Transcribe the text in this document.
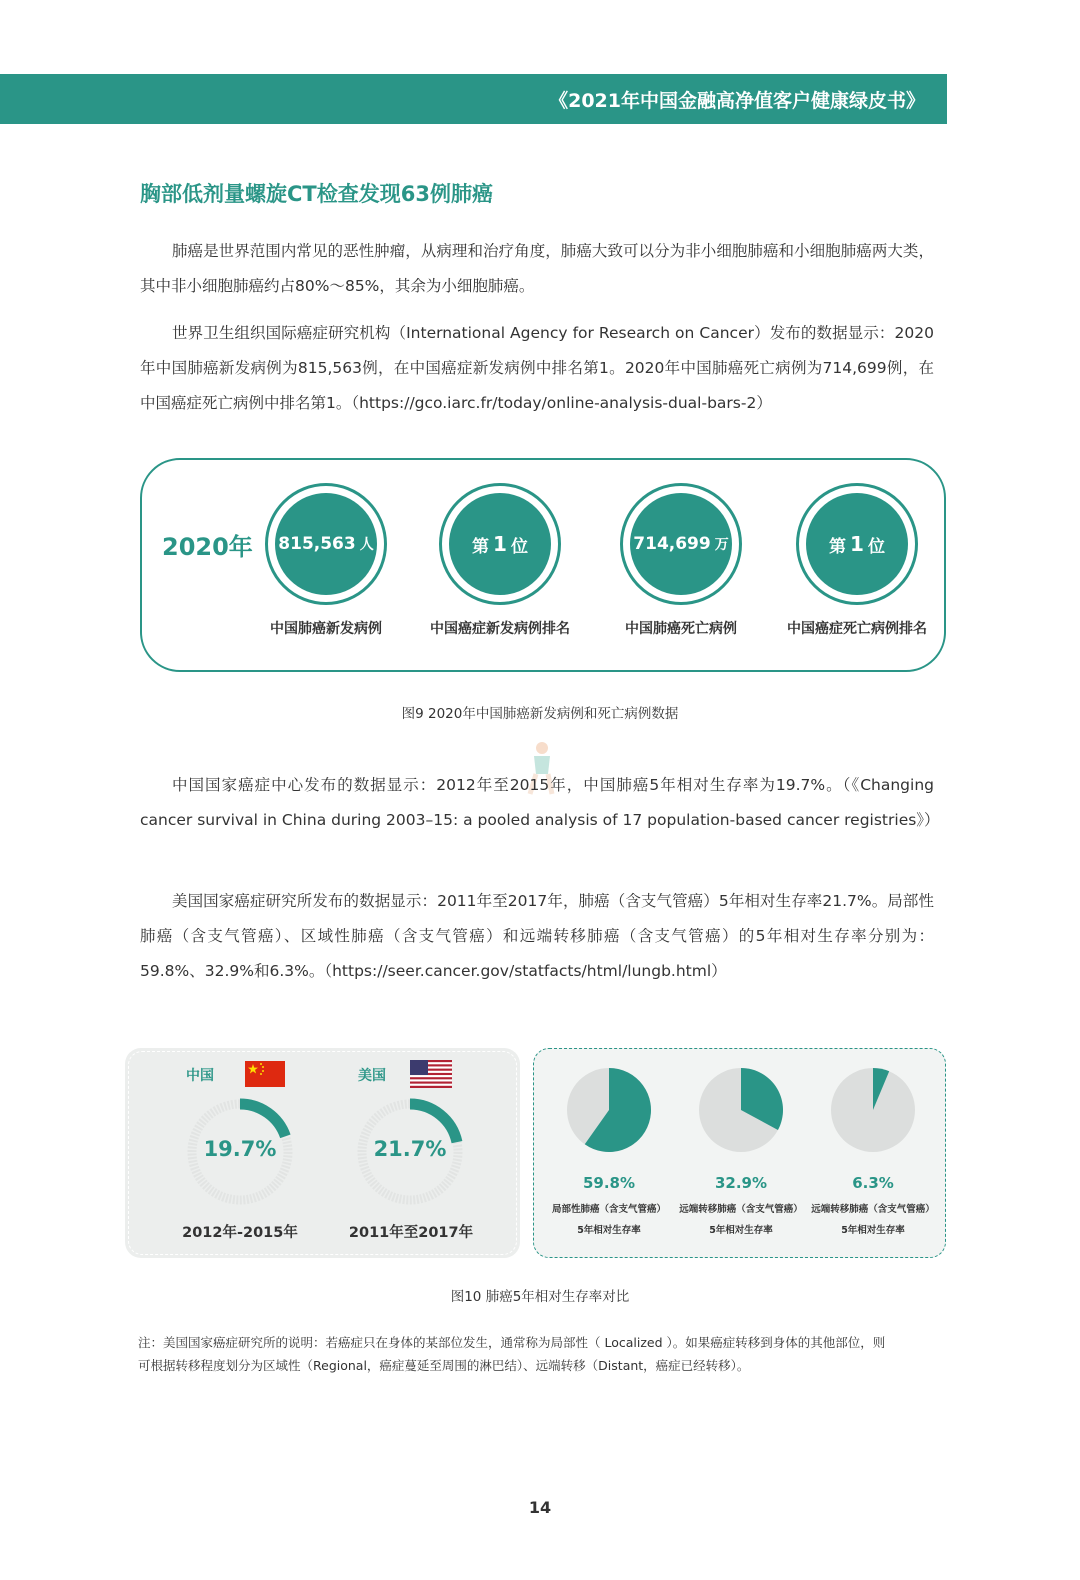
《2021年中国金融高净值客户健康绿皮书》
胸部低剂量螺旋CT检查发现63例肺癌

肺癌是世界范围内常见的恶性肿瘤，从病理和治疗角度，肺癌大致可以分为非小细胞肺癌和小细胞肺癌两大类，其中非小细胞肺癌约占80%～85%，其余为小细胞肺癌。

世界卫生组织国际癌症研究机构（International Agency for Research on Cancer）发布的数据显示：2020年中国肺癌新发病例为815,563例，在中国癌症新发病例中排名第1。2020年中国肺癌死亡病例为714,699例，在中国癌症死亡病例中排名第1。（https://gco.iarc.fr/today/online-analysis-dual-bars-2）

2020年 815,563 人
中国肺癌新发病例
第 1 位
中国癌症新发病例排名
714,699 万
中国肺癌死亡病例
第 1 位
中国癌症死亡病例排名
图9 2020年中国肺癌新发病例和死亡病例数据

中国国家癌症中心发布的数据显示：2012年至2015年，中国肺癌5年相对生存率为19.7%。（《Changing cancer survival in China during 2003–15: a pooled analysis of 17 population-based cancer registries》）

美国国家癌症研究所发布的数据显示：2011年至2017年，肺癌（含支气管癌）5年相对生存率21.7%。局部性肺癌（含支气管癌）、区域性肺癌（含支气管癌）和远端转移肺癌（含支气管癌）的5年相对生存率分别为：59.8%、32.9%和6.3%。（https://seer.cancer.gov/statfacts/html/lungb.html）

中国	美国
19.7%	21.7%
2012年-2015年	2011年至2017年
59.8%	32.9%	6.3%
局部性肺癌（含支气管癌）
5年相对生存率
远端转移肺癌（含支气管癌）
5年相对生存率
远端转移肺癌（含支气管癌）
5年相对生存率
图10 肺癌5年相对生存率对比

注：美国国家癌症研究所的说明：若癌症只在身体的某部位发生，通常称为局部性（ Localized ）。如果癌症转移到身体的其他部位，则

可根据转移程度划分为区域性（Regional，癌症蔓延至周围的淋巴结）、远端转移（Distant，癌症已经转移）。

14
